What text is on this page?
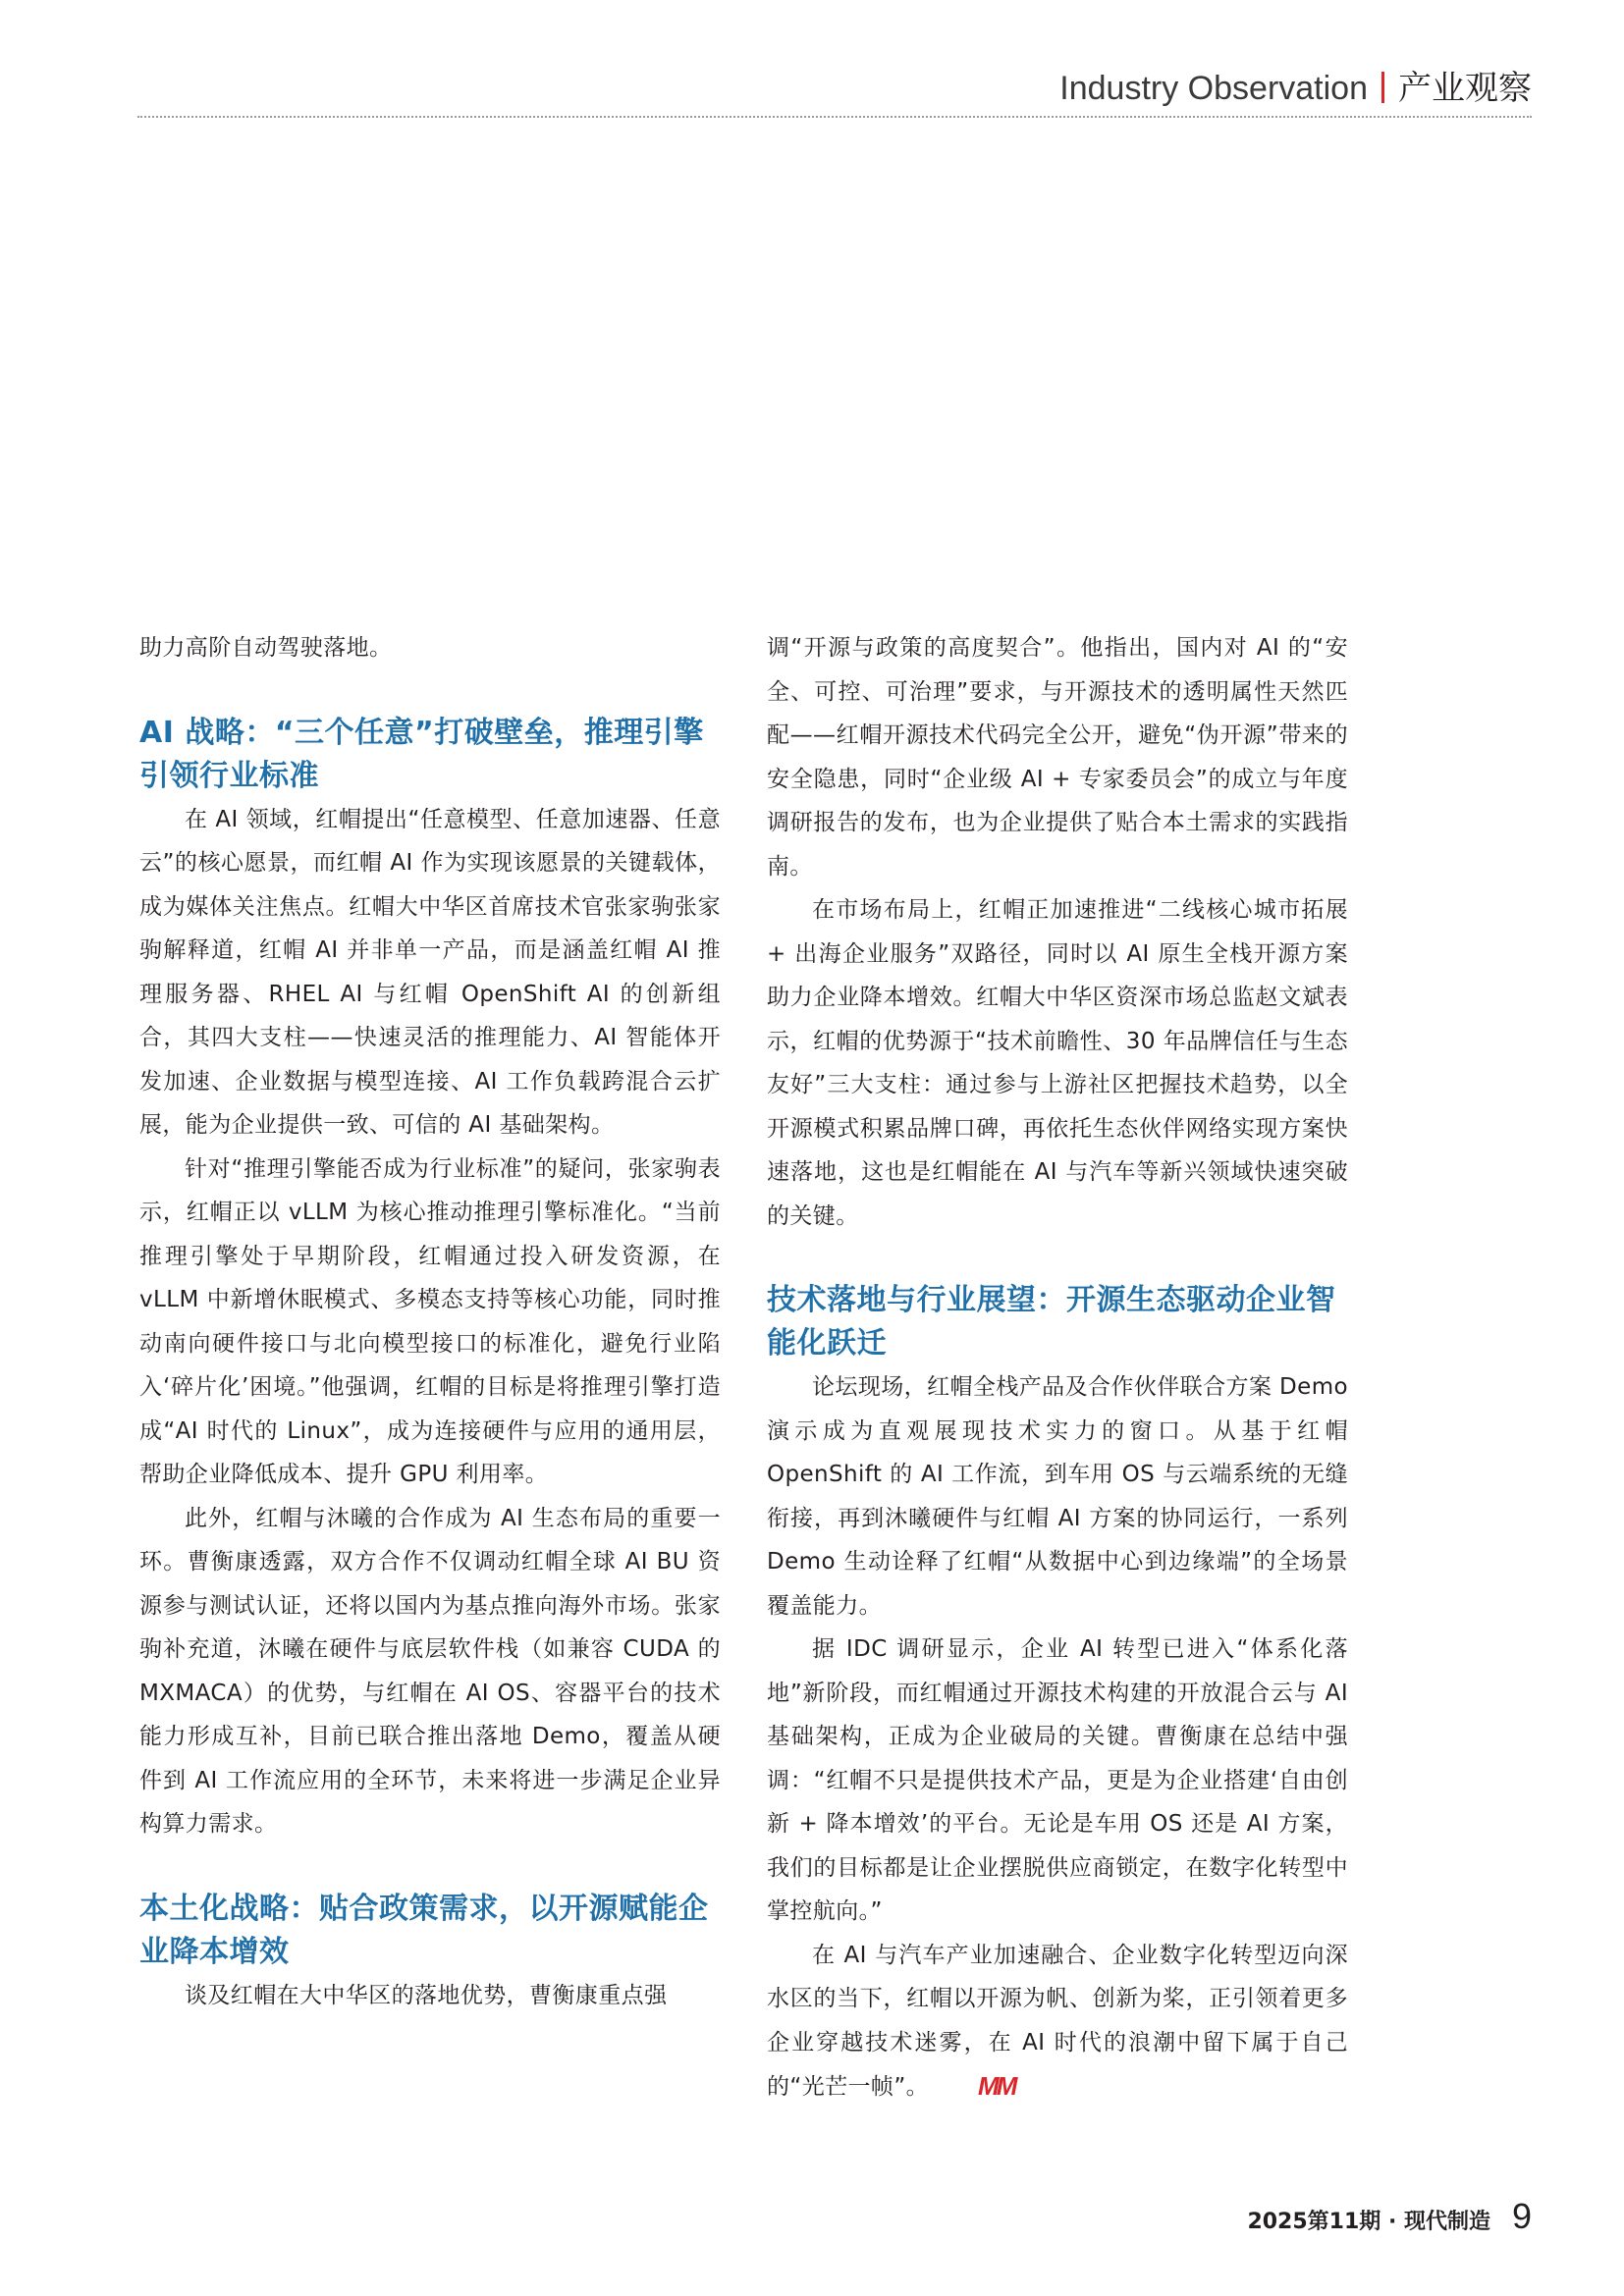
Industry Observation 产业观察

助力高阶自动驾驶落地。

AI 战略：“三个任意”打破壁垒，推理引擎引领行业标准

在 AI 领域，红帽提出“任意模型、任意加速器、任意云”的核心愿景，而红帽 AI 作为实现该愿景的关键载体，成为媒体关注焦点。红帽大中华区首席技术官张家驹张家驹解释道，红帽 AI 并非单一产品，而是涵盖红帽 AI 推理服务器、RHEL AI 与红帽 OpenShift AI 的创新组合，其四大支柱——快速灵活的推理能力、AI 智能体开发加速、企业数据与模型连接、AI 工作负载跨混合云扩展，能为企业提供一致、可信的 AI 基础架构。

针对“推理引擎能否成为行业标准”的疑问，张家驹表示，红帽正以 vLLM 为核心推动推理引擎标准化。“当前推理引擎处于早期阶段，红帽通过投入研发资源，在 vLLM 中新增休眠模式、多模态支持等核心功能，同时推动南向硬件接口与北向模型接口的标准化，避免行业陷入‘碎片化’困境。”他强调，红帽的目标是将推理引擎打造成“AI 时代的 Linux”，成为连接硬件与应用的通用层，帮助企业降低成本、提升 GPU 利用率。

此外，红帽与沐曦的合作成为 AI 生态布局的重要一环。曹衡康透露，双方合作不仅调动红帽全球 AI BU 资源参与测试认证，还将以国内为基点推向海外市场。张家驹补充道，沐曦在硬件与底层软件栈（如兼容 CUDA 的 MXMACA）的优势，与红帽在 AI OS、容器平台的技术能力形成互补，目前已联合推出落地 Demo，覆盖从硬件到 AI 工作流应用的全环节，未来将进一步满足企业异构算力需求。

本土化战略：贴合政策需求，以开源赋能企业降本增效

谈及红帽在大中华区的落地优势，曹衡康重点强

调“开源与政策的高度契合”。他指出，国内对 AI 的“安全、可控、可治理”要求，与开源技术的透明属性天然匹配——红帽开源技术代码完全公开，避免“伪开源”带来的安全隐患，同时“企业级 AI + 专家委员会”的成立与年度调研报告的发布，也为企业提供了贴合本土需求的实践指南。

在市场布局上，红帽正加速推进“二线核心城市拓展 + 出海企业服务”双路径，同时以 AI 原生全栈开源方案助力企业降本增效。红帽大中华区资深市场总监赵文斌表示，红帽的优势源于“技术前瞻性、30 年品牌信任与生态友好”三大支柱：通过参与上游社区把握技术趋势，以全开源模式积累品牌口碑，再依托生态伙伴网络实现方案快速落地，这也是红帽能在 AI 与汽车等新兴领域快速突破的关键。

技术落地与行业展望：开源生态驱动企业智能化跃迁

论坛现场，红帽全栈产品及合作伙伴联合方案 Demo 演示成为直观展现技术实力的窗口。从基于红帽 OpenShift 的 AI 工作流，到车用 OS 与云端系统的无缝衔接，再到沐曦硬件与红帽 AI 方案的协同运行，一系列 Demo 生动诠释了红帽“从数据中心到边缘端”的全场景覆盖能力。

据 IDC 调研显示，企业 AI 转型已进入“体系化落地”新阶段，而红帽通过开源技术构建的开放混合云与 AI 基础架构，正成为企业破局的关键。曹衡康在总结中强调：“红帽不只是提供技术产品，更是为企业搭建‘自由创新 + 降本增效’的平台。无论是车用 OS 还是 AI 方案，我们的目标都是让企业摆脱供应商锁定，在数字化转型中掌控航向。”

在 AI 与汽车产业加速融合、企业数字化转型迈向深水区的当下，红帽以开源为帆、创新为桨，正引领着更多企业穿越技术迷雾，在 AI 时代的浪潮中留下属于自己的“光芒一帧”。 MM

2025第11期 · 现代制造 9
